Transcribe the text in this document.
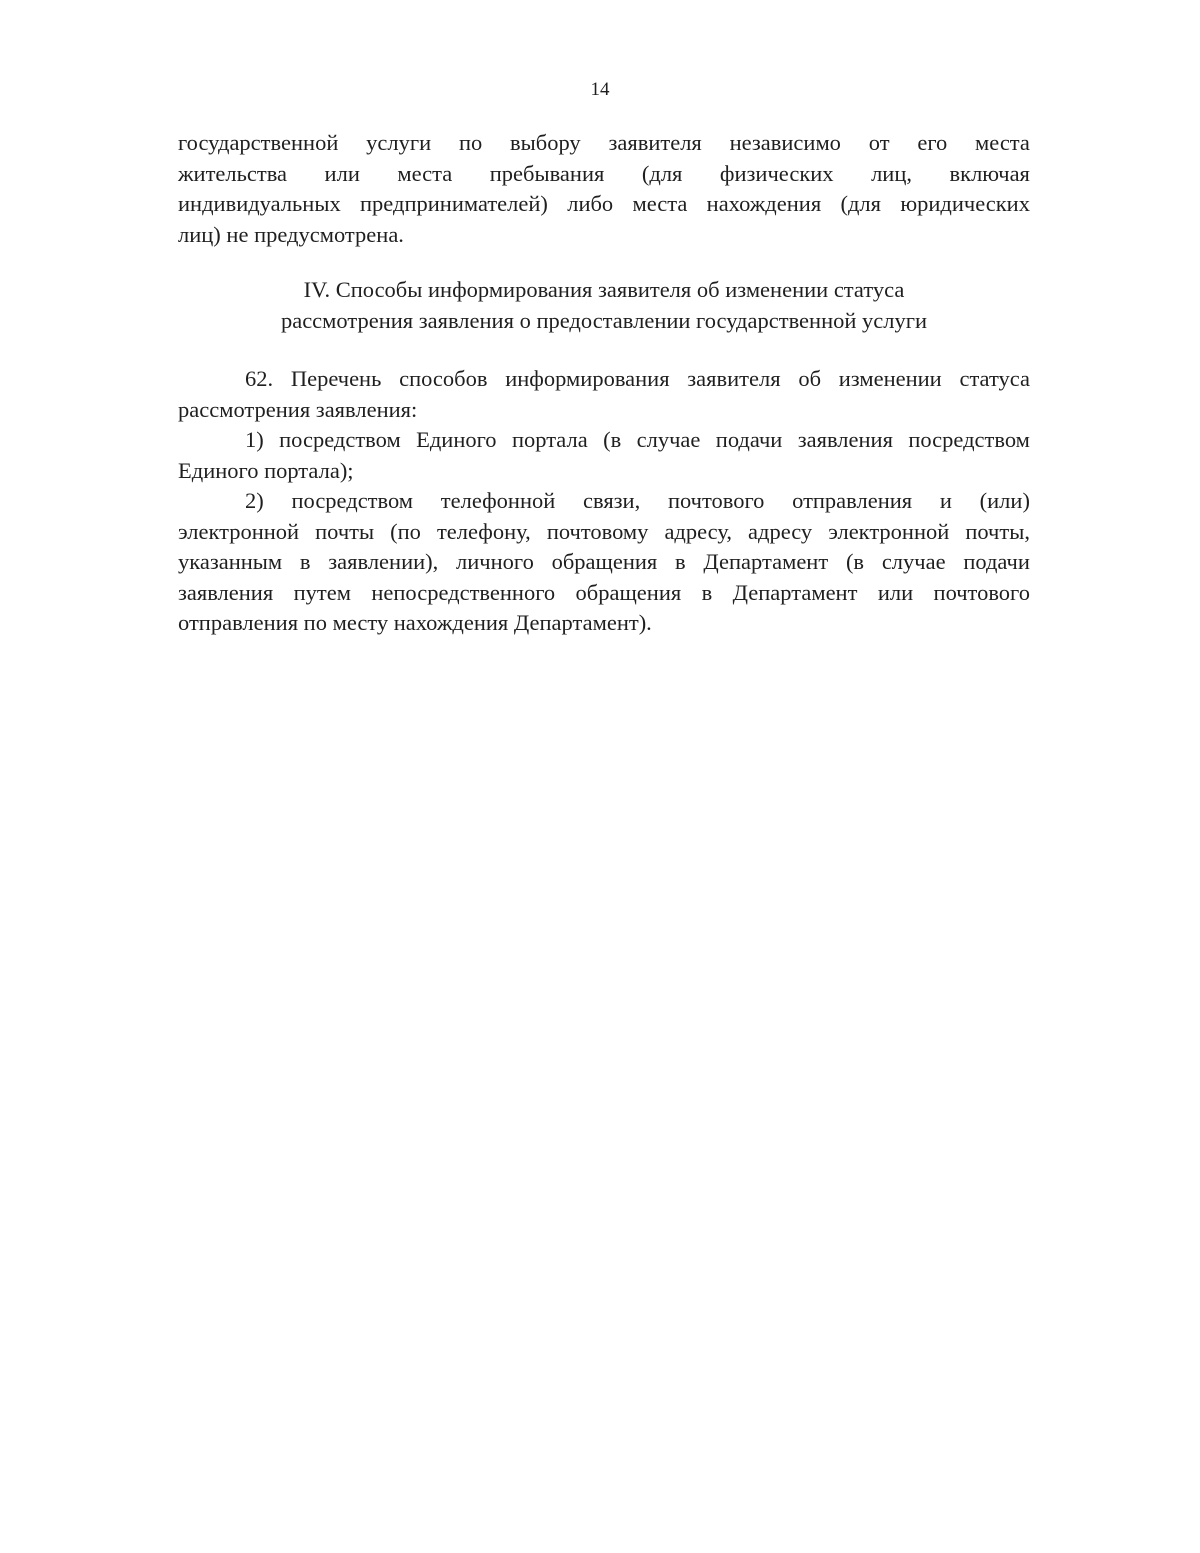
14
государственной услуги по выбору заявителя независимо от его места
жительства или места пребывания (для физических лиц, включая
индивидуальных предпринимателей) либо места нахождения (для юридических
лиц) не предусмотрена.
IV. Способы информирования заявителя об изменении статуса
рассмотрения заявления о предоставлении государственной услуги
62. Перечень способов информирования заявителя об изменении статуса
рассмотрения заявления:
1) посредством Единого портала (в случае подачи заявления посредством
Единого портала);
2) посредством телефонной связи, почтового отправления и (или)
электронной почты (по телефону, почтовому адресу, адресу электронной почты,
указанным в заявлении), личного обращения в Департамент (в случае подачи
заявления путем непосредственного обращения в Департамент или почтового
отправления по месту нахождения Департамент).
